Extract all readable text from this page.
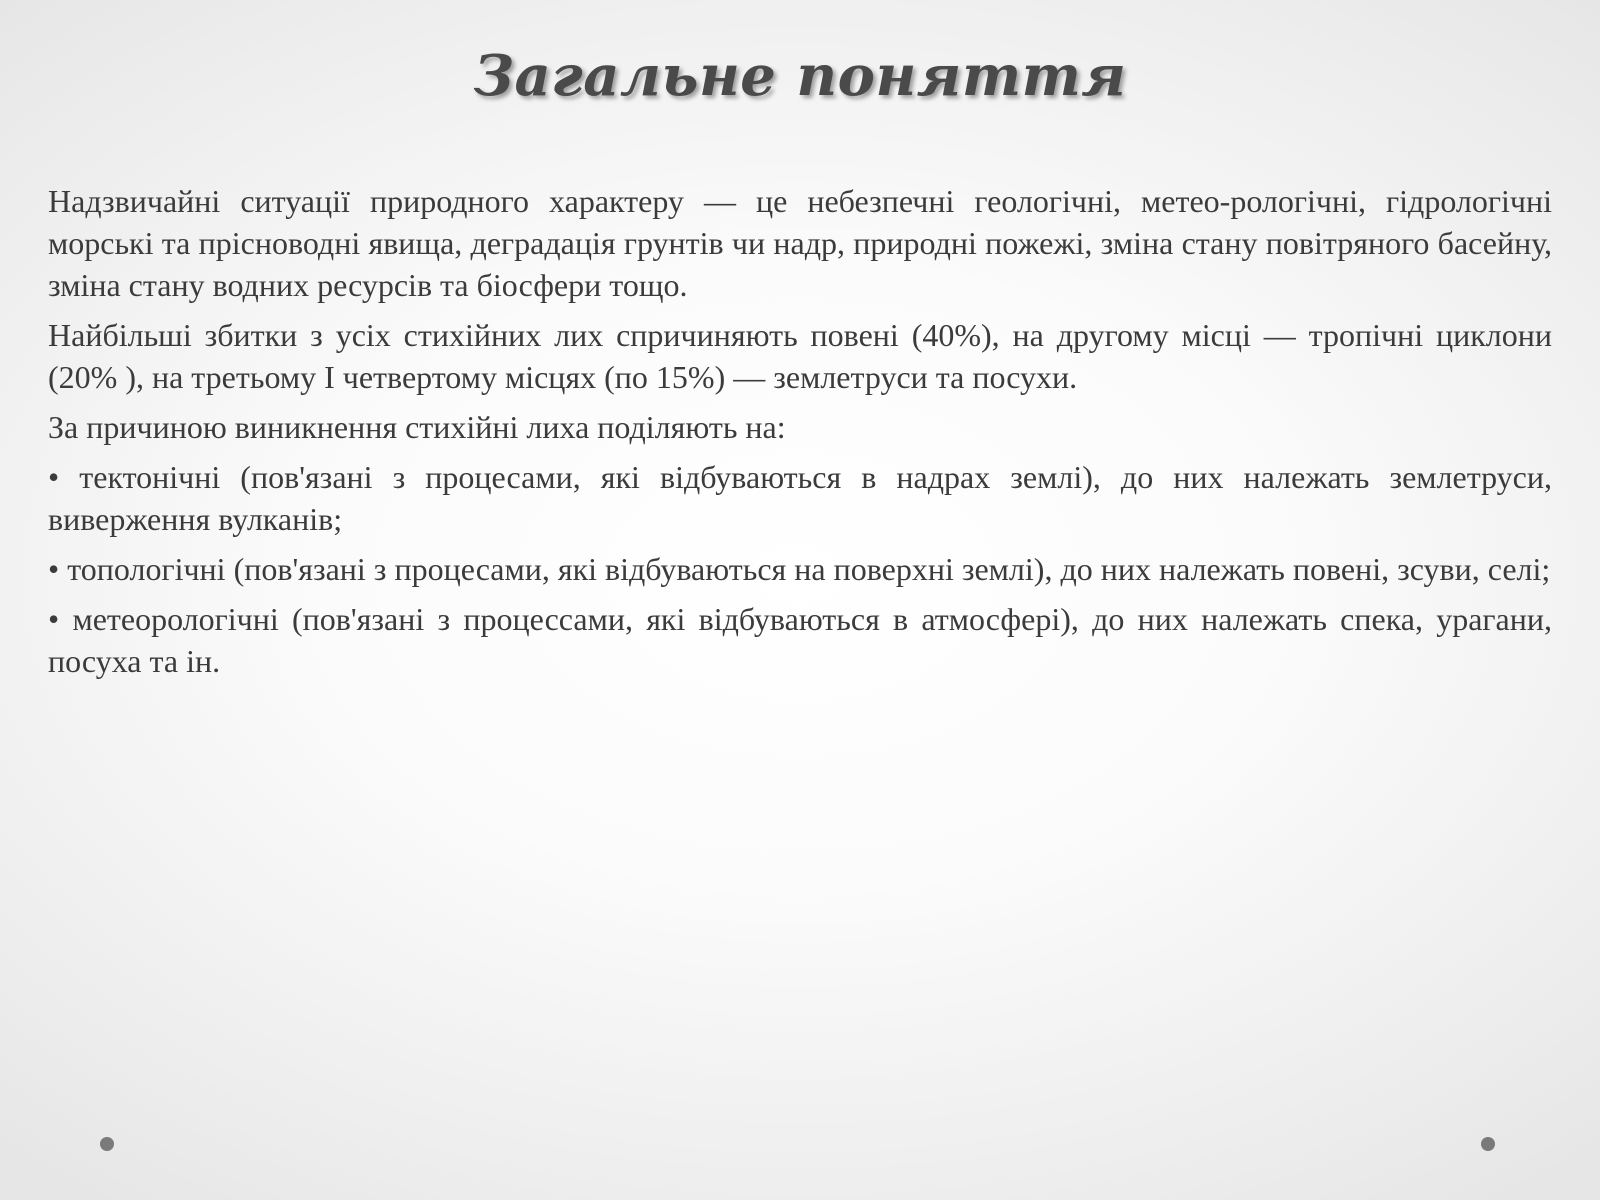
Загальне поняття

Надзвичайні ситуації природного характеру — це небезпечні геологічні, метео-рологічні, гідрологічні морські та прісноводні явища, деградація грунтів чи надр, природні пожежі, зміна стану повітряного басейну, зміна стану водних ресурсів та біосфери тощо.

Найбільші збитки з усіх стихійних лих спричиняють повені (40%), на другому місці — тропічні циклони (20% ), на третьому І четвертому місцях (по 15%) — землетруси та посухи.

За причиною виникнення стихійні лиха поділяють на:

• тектонічні (пов'язані з процесами, які відбуваються в надрах землі), до них належать землетруси, виверження вулканів;

• топологічні (пов'язані з процесами, які відбуваються на поверхні землі), до них належать повені, зсуви, селі;

• метеорологічні (пов'язані з процессами, які відбуваються в атмосфері), до них належать спека, урагани, посуха та ін.
